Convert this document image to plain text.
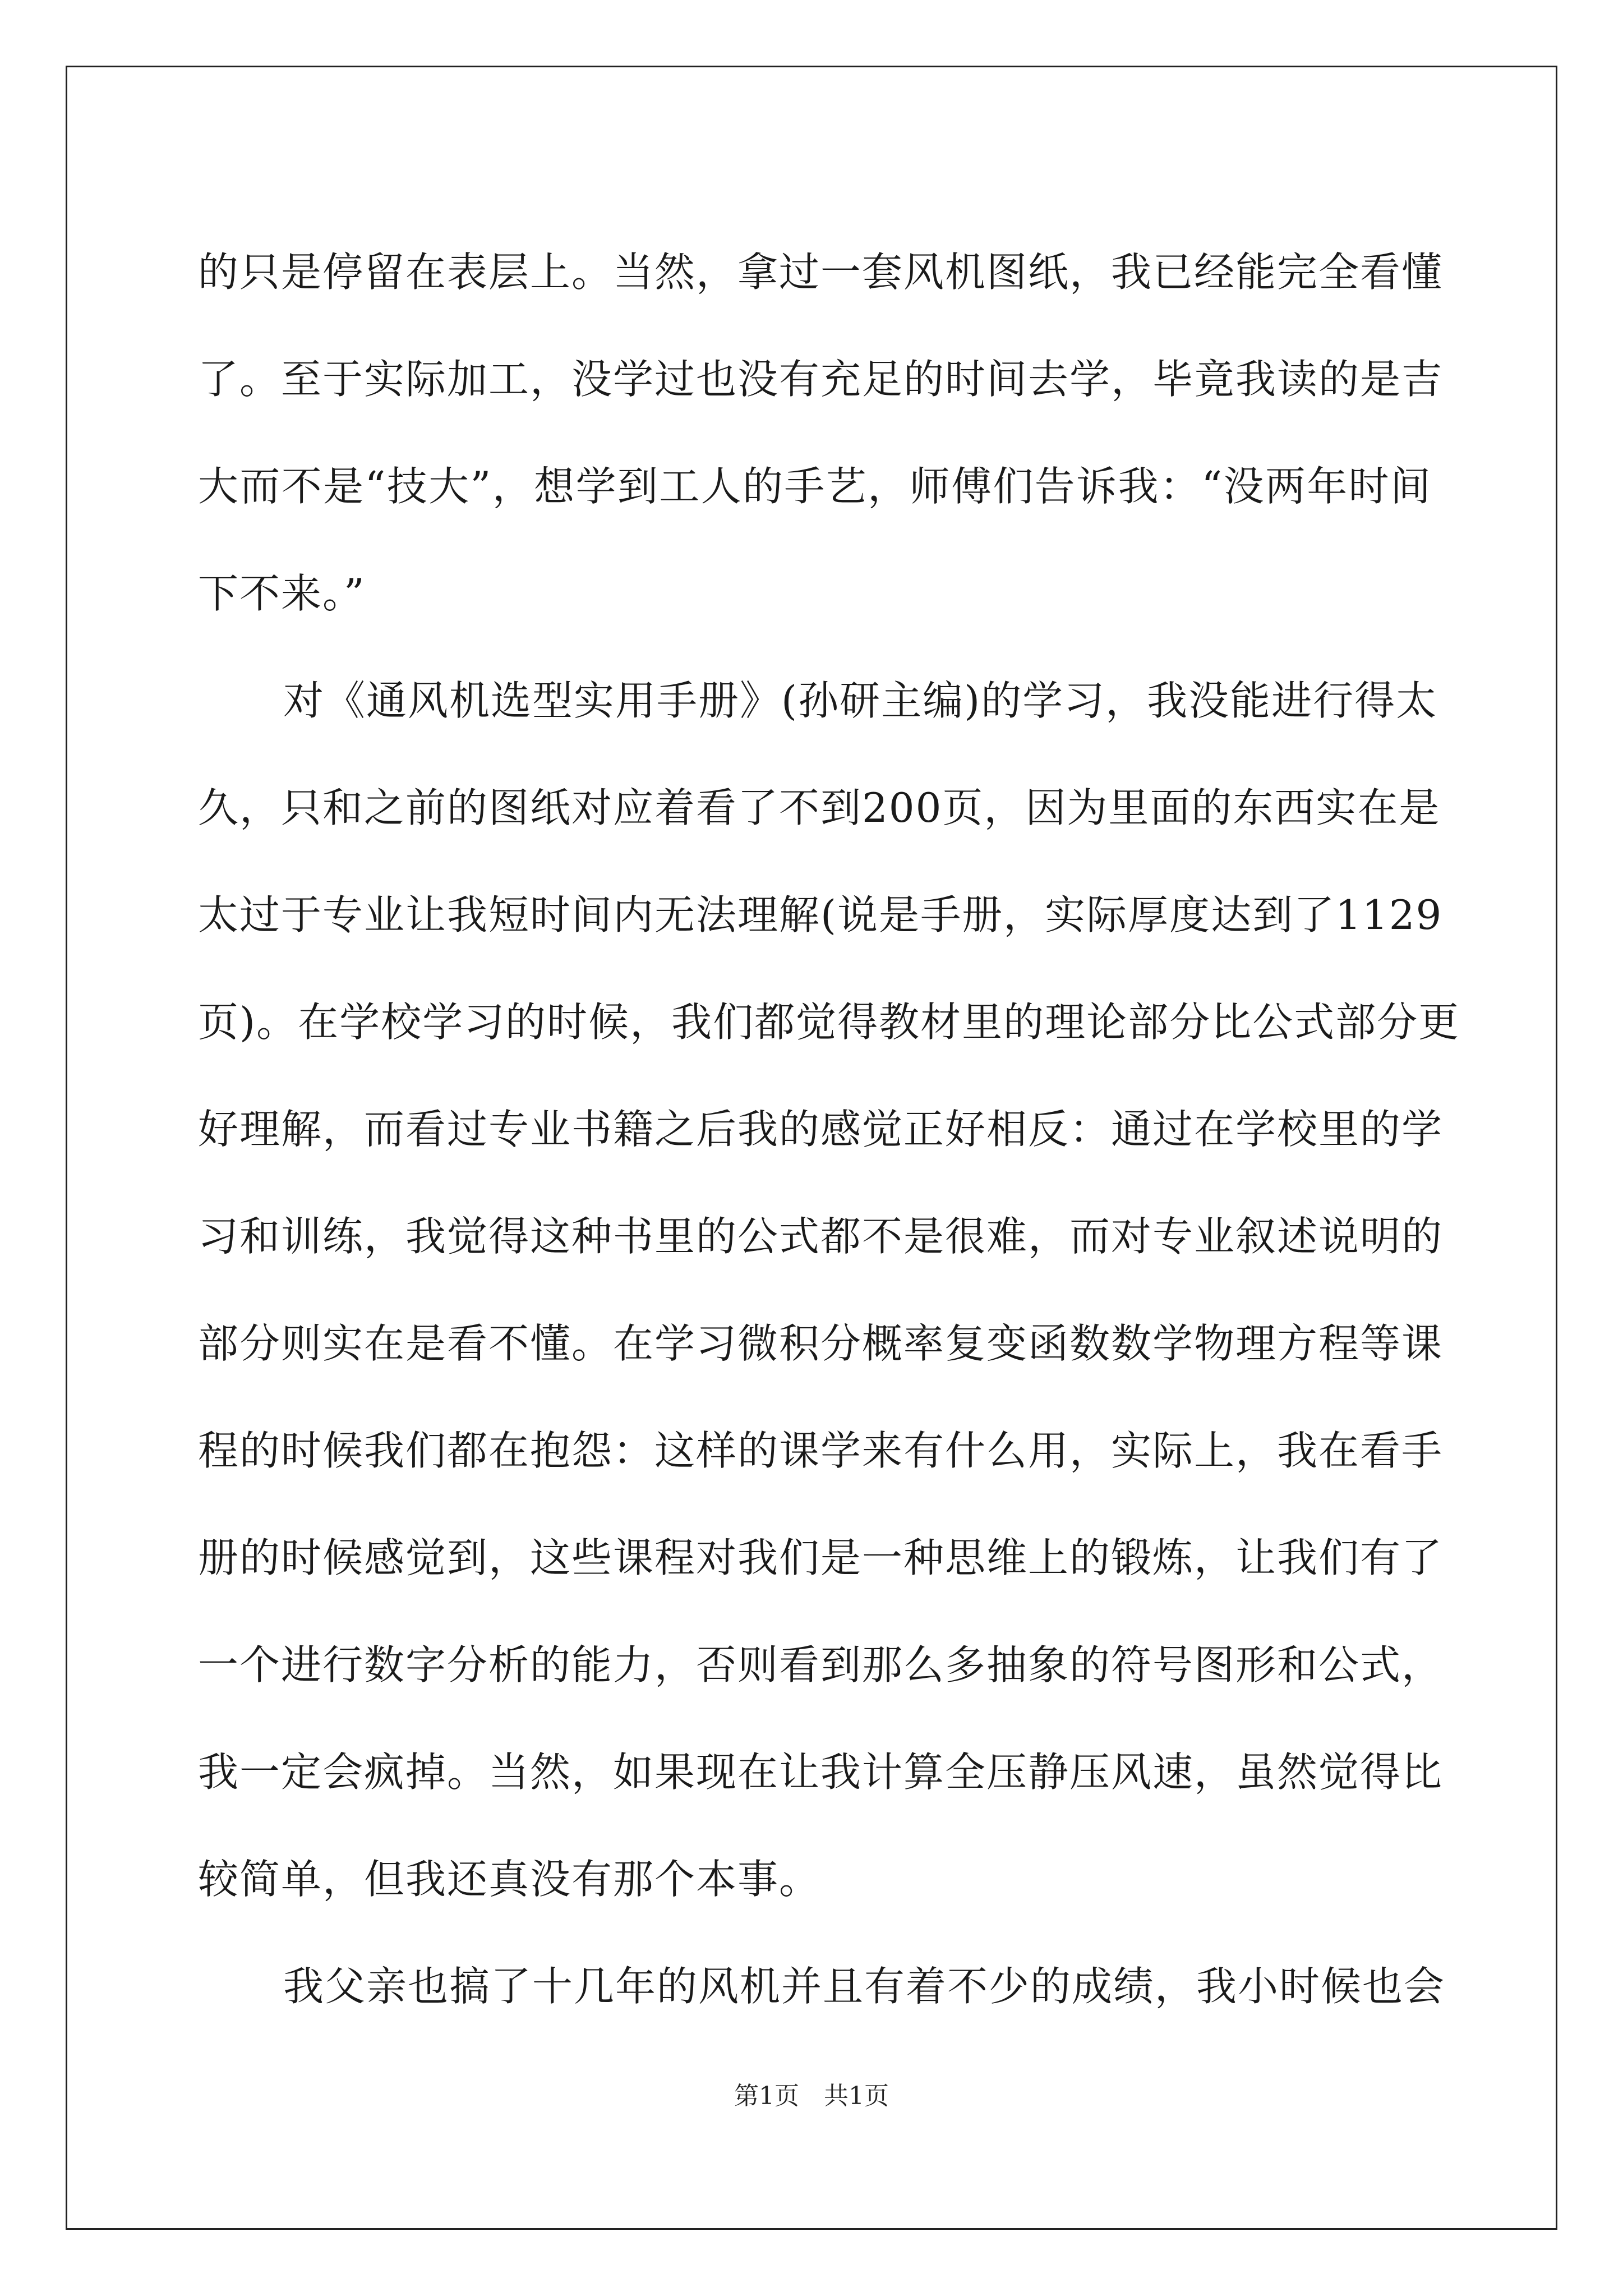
的只是停留在表层上。当然，拿过一套风机图纸，我已经能完全看懂
了。至于实际加工，没学过也没有充足的时间去学，毕竟我读的是吉
大而不是“技大”，想学到工人的手艺，师傅们告诉我：“没两年时间
下不来。”
对《通风机选型实用手册》(孙研主编)的学习，我没能进行得太
久，只和之前的图纸对应着看了不到200页，因为里面的东西实在是
太过于专业让我短时间内无法理解(说是手册，实际厚度达到了1129
页)。在学校学习的时候，我们都觉得教材里的理论部分比公式部分更
好理解，而看过专业书籍之后我的感觉正好相反：通过在学校里的学
习和训练，我觉得这种书里的公式都不是很难，而对专业叙述说明的
部分则实在是看不懂。在学习微积分概率复变函数数学物理方程等课
程的时候我们都在抱怨：这样的课学来有什么用，实际上，我在看手
册的时候感觉到，这些课程对我们是一种思维上的锻炼，让我们有了
一个进行数字分析的能力，否则看到那么多抽象的符号图形和公式，
我一定会疯掉。当然，如果现在让我计算全压静压风速，虽然觉得比
较简单，但我还真没有那个本事。
我父亲也搞了十几年的风机并且有着不少的成绩，我小时候也会
第1页　共1页
